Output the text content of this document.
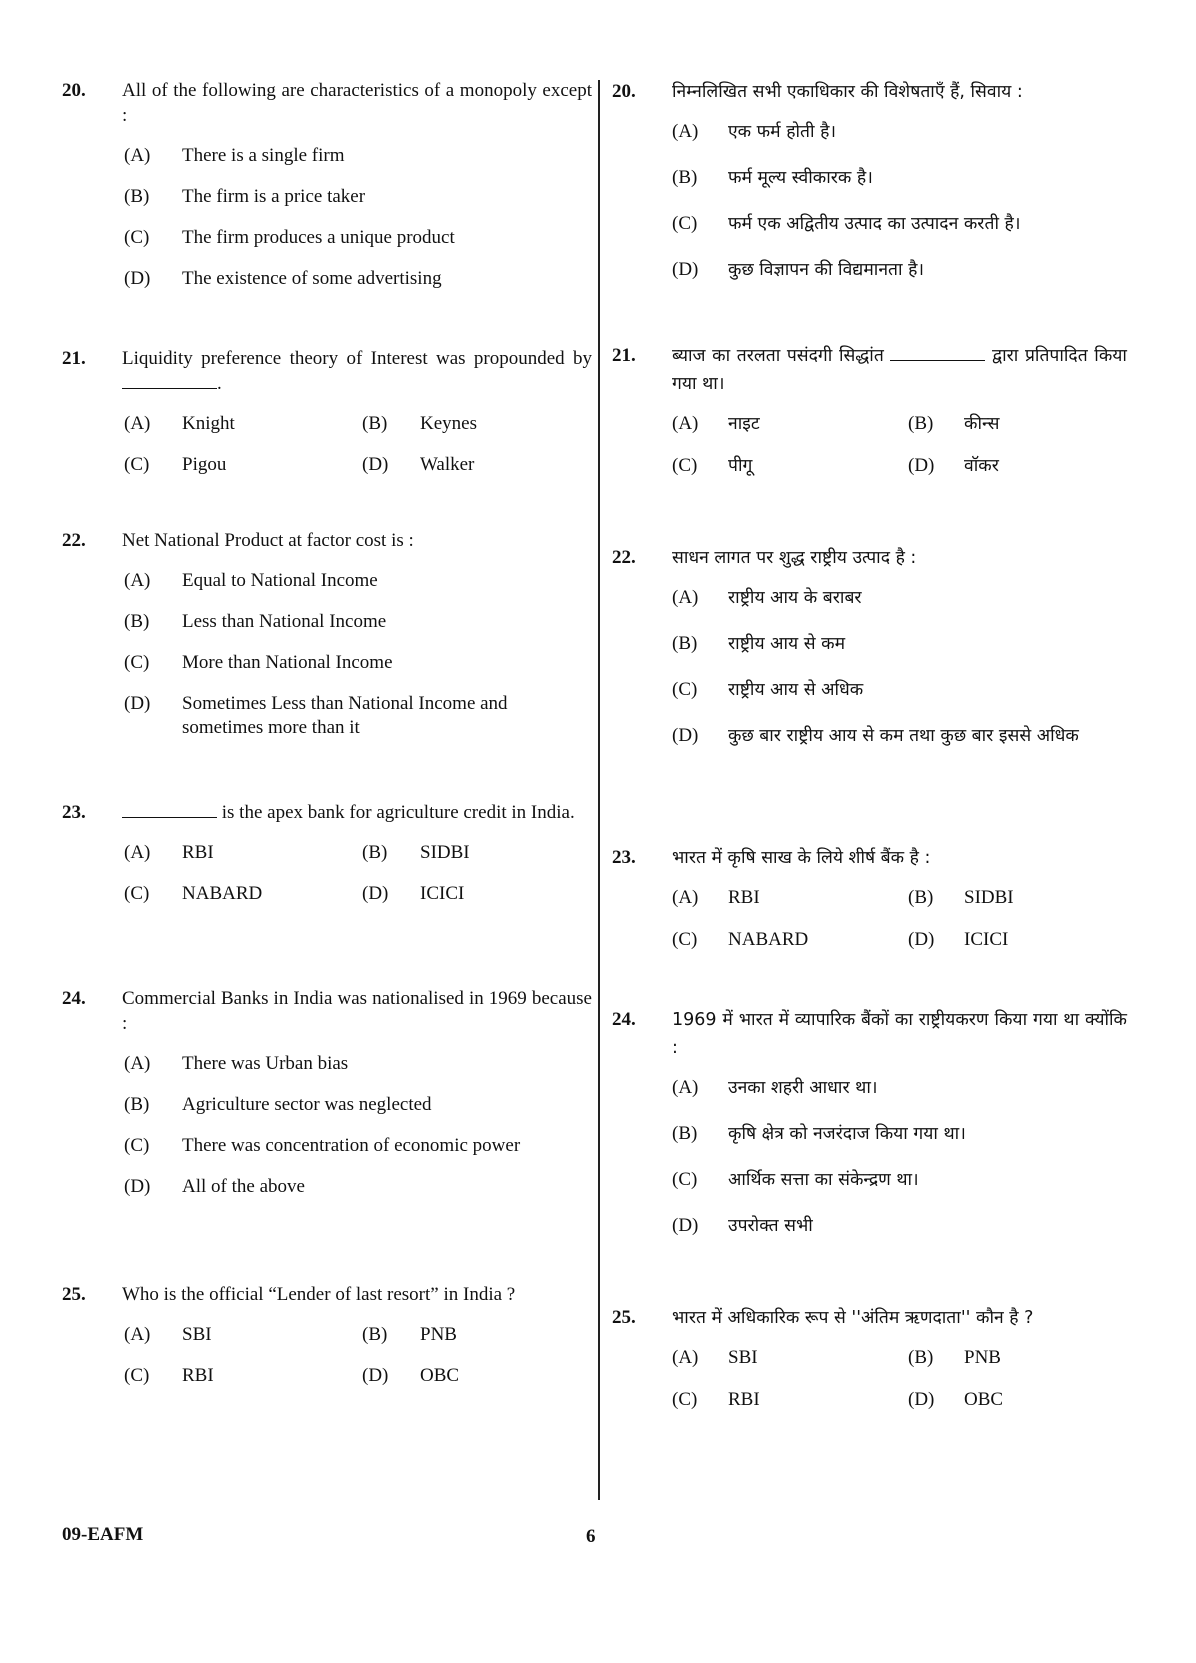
20.	All of the following are characteristics of a monopoly except :
(A)	There is a single firm
(B)	The firm is a price taker
(C)	The firm produces a unique product
(D)	The existence of some advertising
21.	Liquidity preference theory of Interest was propounded by .
(A)	Knight	(B)	Keynes
(C)	Pigou	(D)	Walker
22.	Net National Product at factor cost is :
(A)	Equal to National Income
(B)	Less than National Income
(C)	More than National Income
(D)	Sometimes Less than National Income and sometimes more than it
23.	is the apex bank for agriculture credit in India.
(A)	RBI	(B)	SIDBI
(C)	NABARD	(D)	ICICI
24.	Commercial Banks in India was nationalised in 1969 because :
(A)	There was Urban bias
(B)	Agriculture sector was neglected
(C)	There was concentration of economic power
(D)	All of the above
25.	Who is the official “Lender of last resort” in India ?
(A)	SBI	(B)	PNB
(C)	RBI	(D)	OBC
20.	निम्नलिखित सभी एकाधिकार की विशेषताएँ हैं, सिवाय :
(A)	एक फर्म होती है।
(B)	फर्म मूल्य स्वीकारक है।
(C)	फर्म एक अद्वितीय उत्पाद का उत्पादन करती है।
(D)	कुछ विज्ञापन की विद्यमानता है।
21.	ब्याज का तरलता पसंदगी सिद्धांत	द्वारा प्रतिपादित किया गया था।
(A)	नाइट	(B)	कीन्स
(C)	पीगू	(D)	वॉकर
22.	साधन लागत पर शुद्ध राष्ट्रीय उत्पाद है :
(A)	राष्ट्रीय आय के बराबर
(B)	राष्ट्रीय आय से कम
(C)	राष्ट्रीय आय से अधिक
(D)	कुछ बार राष्ट्रीय आय से कम तथा कुछ बार इससे अधिक
23.	भारत में कृषि साख के लिये शीर्ष बैंक है :
(A)	RBI	(B)	SIDBI
(C)	NABARD	(D)	ICICI
24.	1969 में भारत में व्यापारिक बैंकों का राष्ट्रीयकरण किया गया था क्योंकि :
(A)	उनका शहरी आधार था।
(B)	कृषि क्षेत्र को नजरंदाज किया गया था।
(C)	आर्थिक सत्ता का संकेन्द्रण था।
(D)	उपरोक्त सभी
25.	भारत में अधिकारिक रूप से ''अंतिम ऋणदाता'' कौन है ?
(A)	SBI	(B)	PNB
(C)	RBI	(D)	OBC
09-EAFM	6
